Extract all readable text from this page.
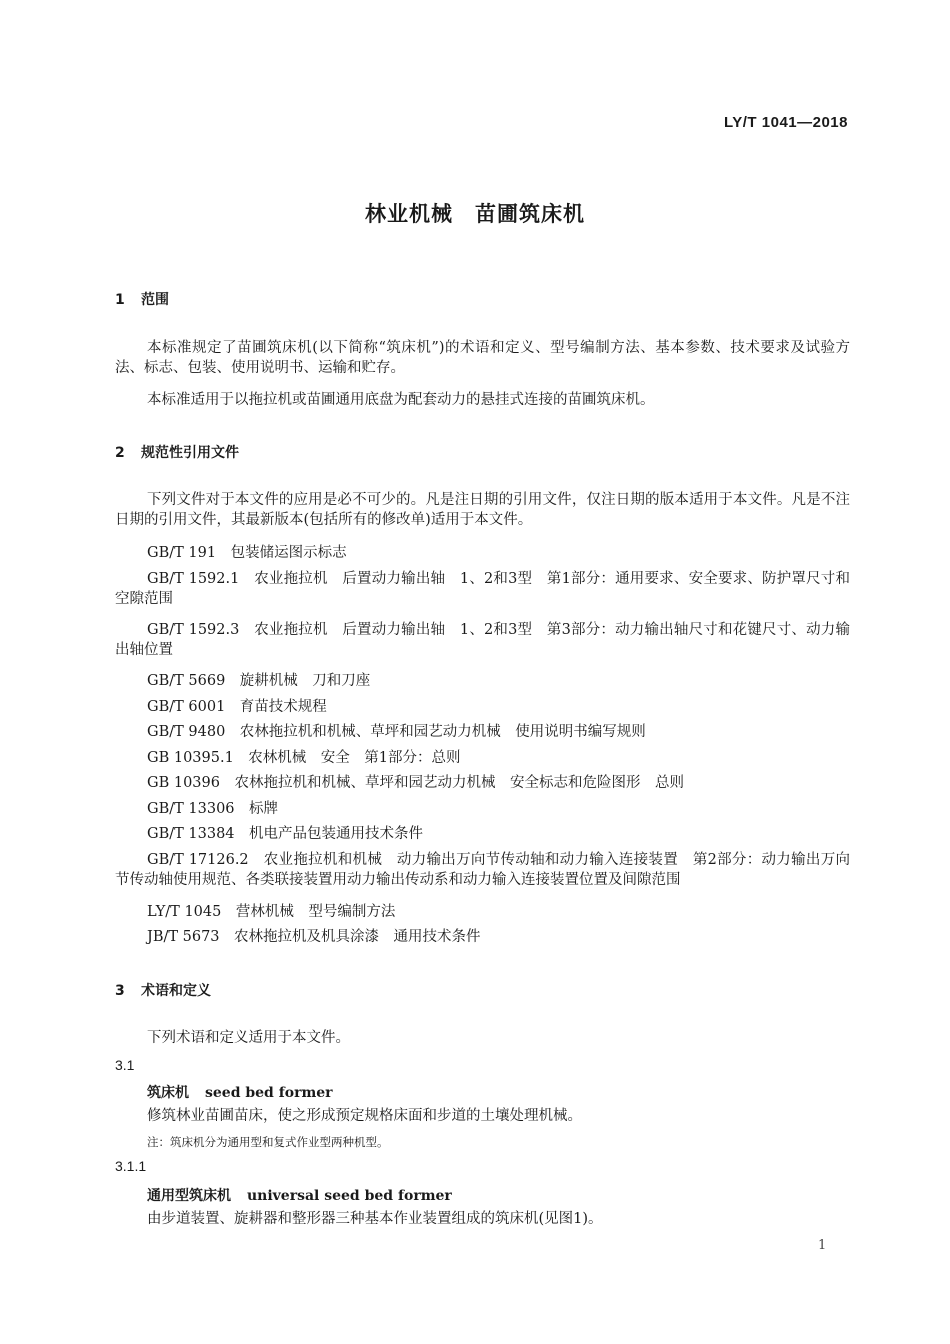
LY/T 1041—2018
林业机械　苗圃筑床机
1 范围
本标准规定了苗圃筑床机(以下简称“筑床机”)的术语和定义、型号编制方法、基本参数、技术要求及试验方法、标志、包装、使用说明书、运输和贮存。
本标准适用于以拖拉机或苗圃通用底盘为配套动力的悬挂式连接的苗圃筑床机。
2 规范性引用文件
下列文件对于本文件的应用是必不可少的。凡是注日期的引用文件，仅注日期的版本适用于本文件。凡是不注日期的引用文件，其最新版本(包括所有的修改单)适用于本文件。
GB/T 191　包装储运图示标志
GB/T 1592.1　农业拖拉机　后置动力输出轴　1、2和3型　第1部分：通用要求、安全要求、防护罩尺寸和空隙范围
GB/T 1592.3　农业拖拉机　后置动力输出轴　1、2和3型　第3部分：动力输出轴尺寸和花键尺寸、动力输出轴位置
GB/T 5669　旋耕机械　刀和刀座
GB/T 6001　育苗技术规程
GB/T 9480　农林拖拉机和机械、草坪和园艺动力机械　使用说明书编写规则
GB 10395.1　农林机械　安全　第1部分：总则
GB 10396　农林拖拉机和机械、草坪和园艺动力机械　安全标志和危险图形　总则
GB/T 13306　标牌
GB/T 13384　机电产品包装通用技术条件
GB/T 17126.2　农业拖拉机和机械　动力输出万向节传动轴和动力输入连接装置　第2部分：动力输出万向节传动轴使用规范、各类联接装置用动力输出传动系和动力输入连接装置位置及间隙范围
LY/T 1045　营林机械　型号编制方法
JB/T 5673　农林拖拉机及机具涂漆　通用技术条件
3 术语和定义
下列术语和定义适用于本文件。
3.1
筑床机 seed bed former
修筑林业苗圃苗床，使之形成预定规格床面和步道的土壤处理机械。
注：筑床机分为通用型和复式作业型两种机型。
3.1.1
通用型筑床机 universal seed bed former
由步道装置、旋耕器和整形器三种基本作业装置组成的筑床机(见图1)。
1
